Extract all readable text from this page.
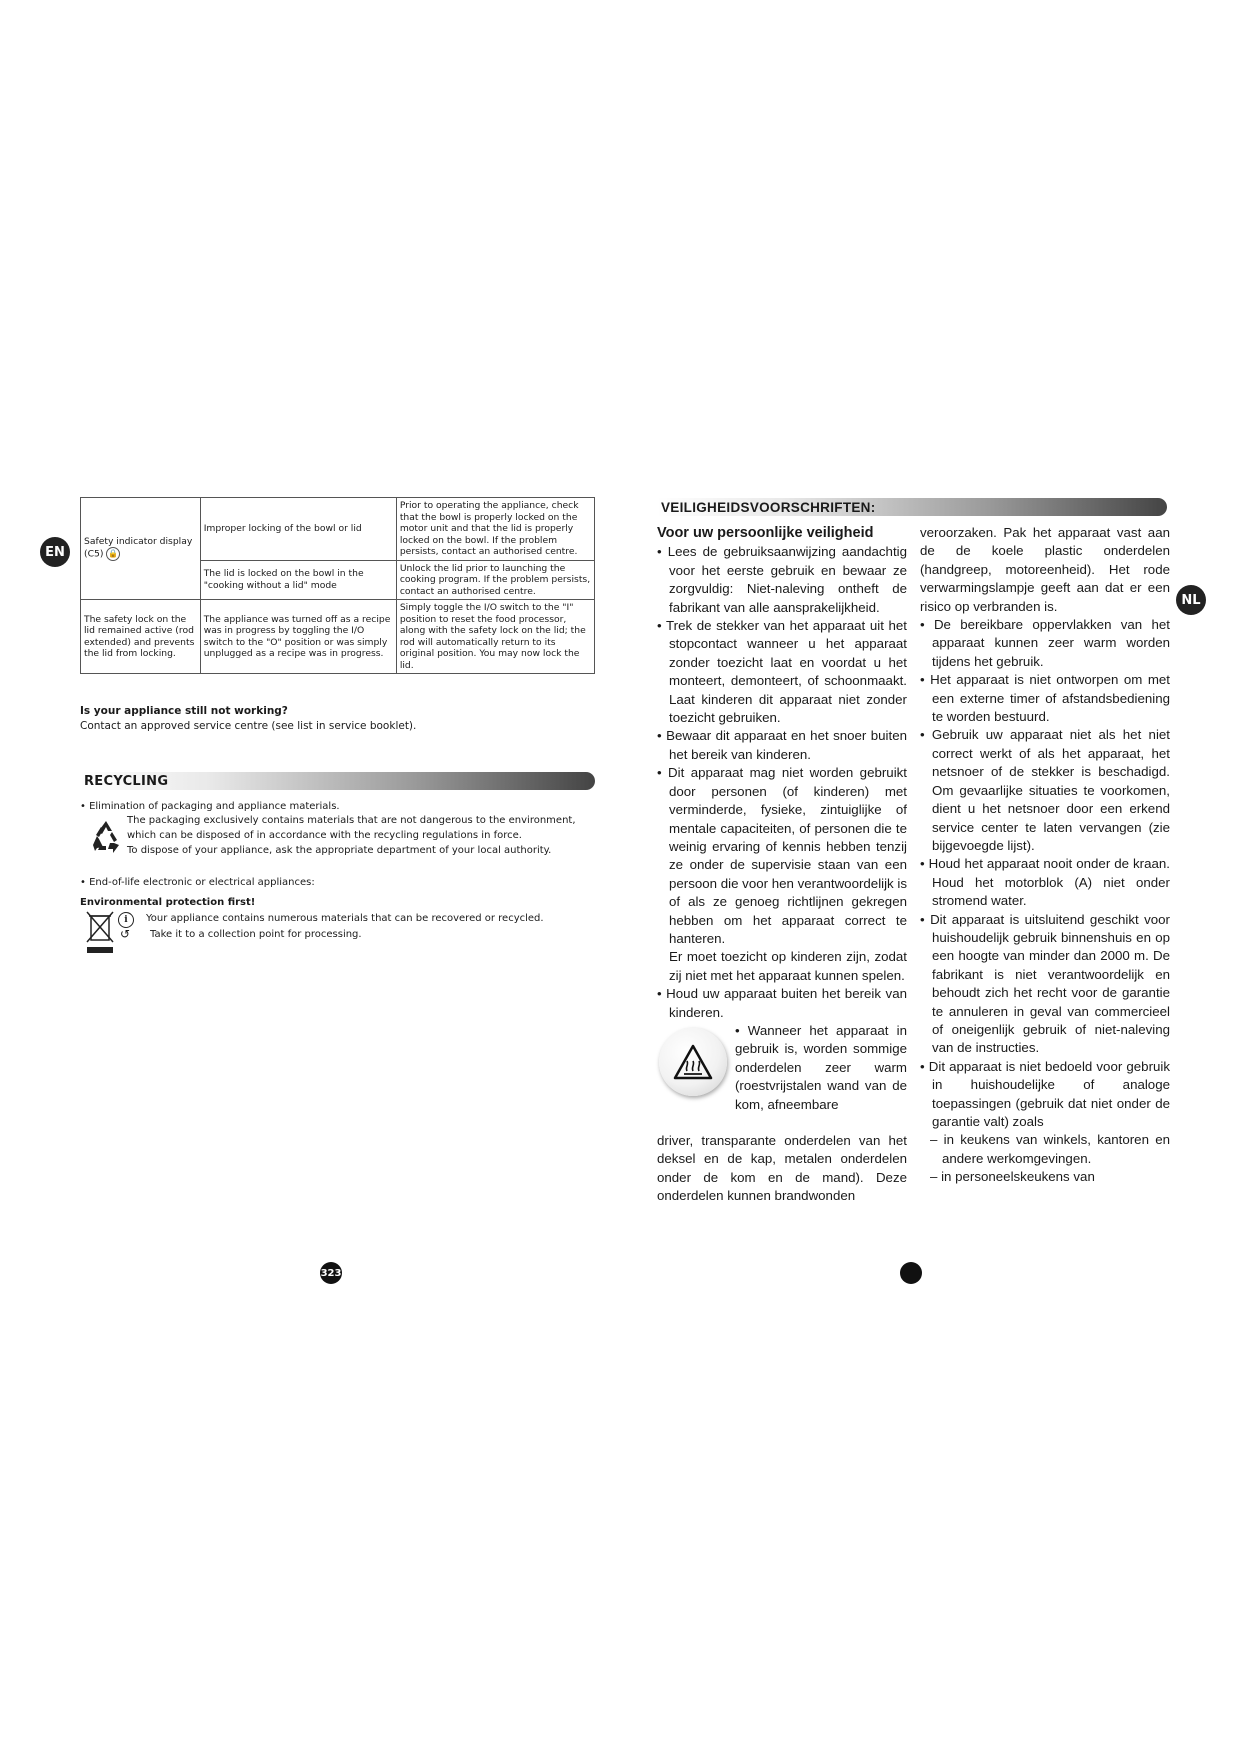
EN
Safety indicator display (C5) 🔒	Improper locking of the bowl or lid	Prior to operating the appliance, check that the bowl is properly locked on the motor unit and that the lid is properly locked on the bowl. If the problem persists, contact an authorised centre.
	The lid is locked on the bowl in the "cooking without a lid" mode	Unlock the lid prior to launching the cooking program. If the problem persists, contact an authorised centre.
The safety lock on the lid remained active (rod extended) and prevents the lid from locking.	The appliance was turned off as a recipe was in progress by toggling the I/O switch to the "O" position or was simply unplugged as a recipe was in progress.	Simply toggle the I/O switch to the "I" position to reset the food processor, along with the safety lock on the lid; the rod will automatically return to its original position. You may now lock the lid.
Is your appliance still not working?
Contact an approved service centre (see list in service booklet).
RECYCLING
• Elimination of packaging and appliance materials.
The packaging exclusively contains materials that are not dangerous to the environment, which can be disposed of in accordance with the recycling regulations in force.
To dispose of your appliance, ask the appropriate department of your local authority.
• End-of-life electronic or electrical appliances:
Environmental protection first!
i
↺
Your appliance contains numerous materials that can be recovered or recycled.
Take it to a collection point for processing.
323
VEILIGHEIDSVOORSCHRIFTEN:
NL

Voor uw persoonlijke veiligheid

• Lees de gebruiksaanwijzing aandachtig voor het eerste gebruik en bewaar ze zorgvuldig: Niet-naleving ontheft de fabrikant van alle aansprakelijkheid.

• Trek de stekker van het apparaat uit het stopcontact wanneer u het apparaat zonder toezicht laat en voordat u het monteert, demonteert, of schoonmaakt. Laat kinderen dit apparaat niet zonder toezicht gebruiken.

• Bewaar dit apparaat en het snoer buiten het bereik van kinderen.

• Dit apparaat mag niet worden gebruikt door personen (of kinderen) met verminderde, fysieke, zintuiglijke of mentale capaciteiten, of personen die te weinig ervaring of kennis hebben tenzij ze onder de supervisie staan van een persoon die voor hen verantwoordelijk is of als ze genoeg richtlijnen gekregen hebben om het apparaat correct te hanteren.

Er moet toezicht op kinderen zijn, zodat zij niet met het apparaat kunnen spelen.

• Houd uw apparaat buiten het bereik van kinderen.

• Wanneer het apparaat in gebruik is, worden sommige onderdelen zeer warm (roestvrijstalen wand van de kom, afneembare

driver, transparante onderdelen van het deksel en de kap, metalen onderdelen onder de kom en de mand). Deze onderdelen kunnen brandwonden

veroorzaken. Pak het apparaat vast aan de de koele plastic onderdelen (handgreep, motoreenheid). Het rode verwarmingslampje geeft aan dat er een risico op verbranden is.

• De bereikbare oppervlakken van het apparaat kunnen zeer warm worden tijdens het gebruik.

• Het apparaat is niet ontworpen om met een externe timer of afstandsbediening te worden bestuurd.

• Gebruik uw apparaat niet als het niet correct werkt of als het apparaat, het netsnoer of de stekker is beschadigd. Om gevaarlijke situaties te voorkomen, dient u het netsnoer door een erkend service center te laten vervangen (zie bijgevoegde lijst).

• Houd het apparaat nooit onder de kraan. Houd het motorblok (A) niet onder stromend water.

• Dit apparaat is uitsluitend geschikt voor huishoudelijk gebruik binnenshuis en op een hoogte van minder dan 2000 m. De fabrikant is niet verantwoordelijk en behoudt zich het recht voor de garantie te annuleren in geval van commercieel of oneigenlijk gebruik of niet-naleving van de instructies.

• Dit apparaat is niet bedoeld voor gebruik in huishoudelijke of analoge toepassingen (gebruik dat niet onder de garantie valt) zoals

– in keukens van winkels, kantoren en andere werkomgevingen.

– in personeelskeukens van
